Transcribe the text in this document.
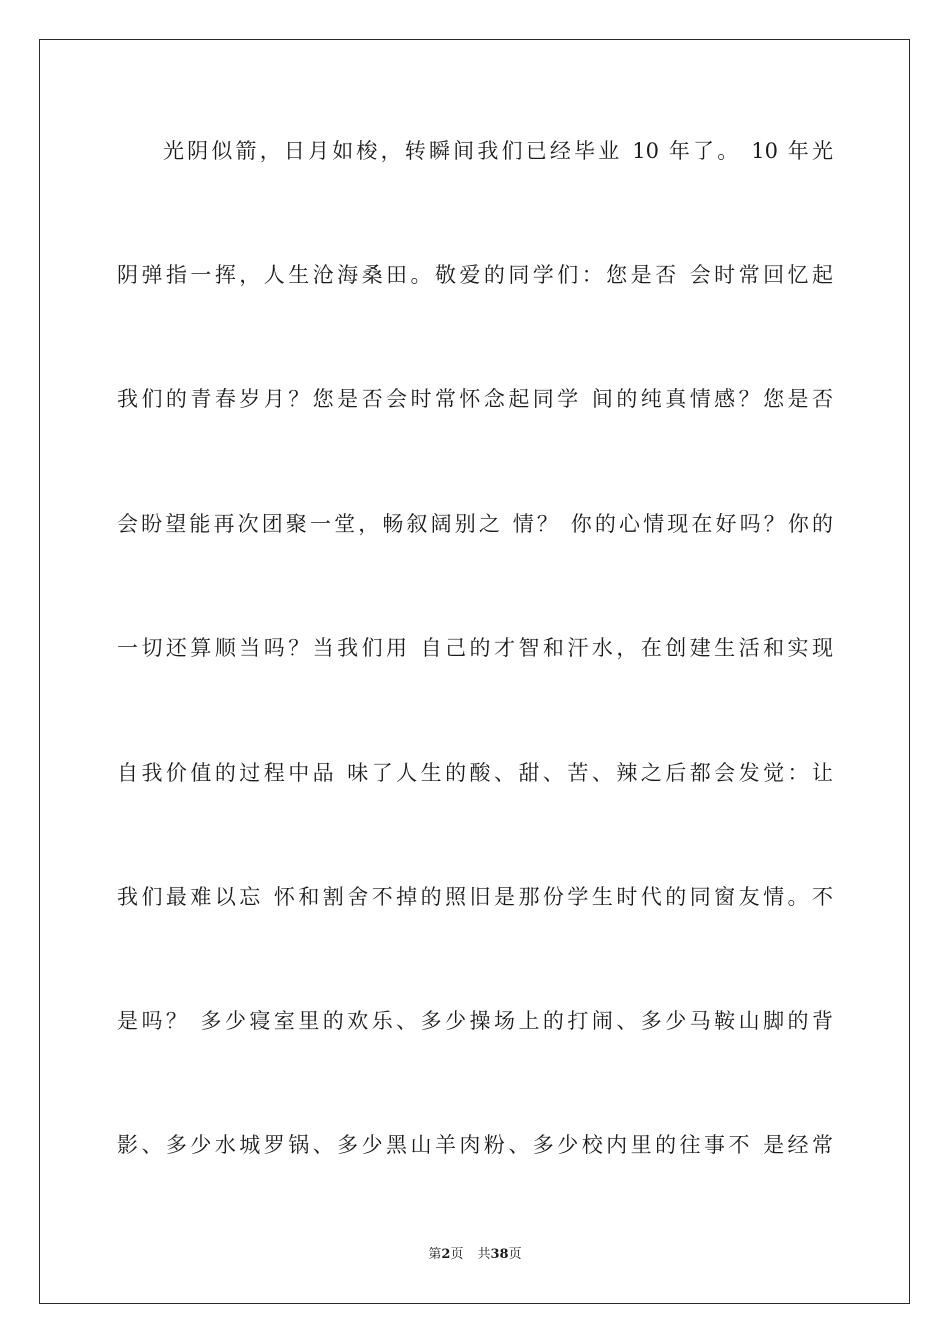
光阴似箭，日月如梭，转瞬间我们已经毕业 10 年了。 10 年光
阴弹指一挥，人生沧海桑田。敬爱的同学们：您是否 会时常回忆起
我们的青春岁月？您是否会时常怀念起同学 间的纯真情感？您是否
会盼望能再次团聚一堂，畅叙阔别之 情？ 你的心情现在好吗？你的
一切还算顺当吗？当我们用 自己的才智和汗水，在创建生活和实现
自我价值的过程中品 味了人生的酸、甜、苦、辣之后都会发觉：让
我们最难以忘 怀和割舍不掉的照旧是那份学生时代的同窗友情。不
是吗？ 多少寝室里的欢乐、多少操场上的打闹、多少马鞍山脚的背
影、多少水城罗锅、多少黑山羊肉粉、多少校内里的往事不 是经常
第2页 共38页
